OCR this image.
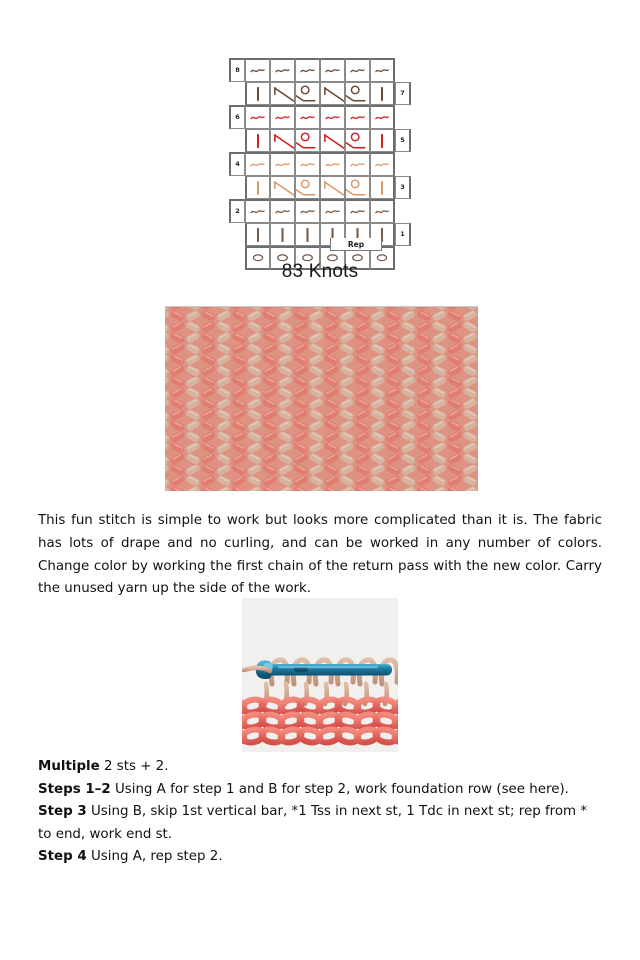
8

7

6

5

4

3

2

1

Rep
83 Knots

This fun stitch is simple to work but looks more complicated than it is. The fabric has lots of drape and no curling, and can be worked in any number of colors. Change color by working the first chain of the return pass with the new color. Carry the unused yarn up the side of the work.

Multiple 2 sts + 2.

Steps 1–2 Using A for step 1 and B for step 2, work foundation row (see here).

Step 3 Using B, skip 1st vertical bar, *1 Tss in next st, 1 Tdc in next st; rep from * to end, work end st.

Step 4 Using A, rep step 2.
